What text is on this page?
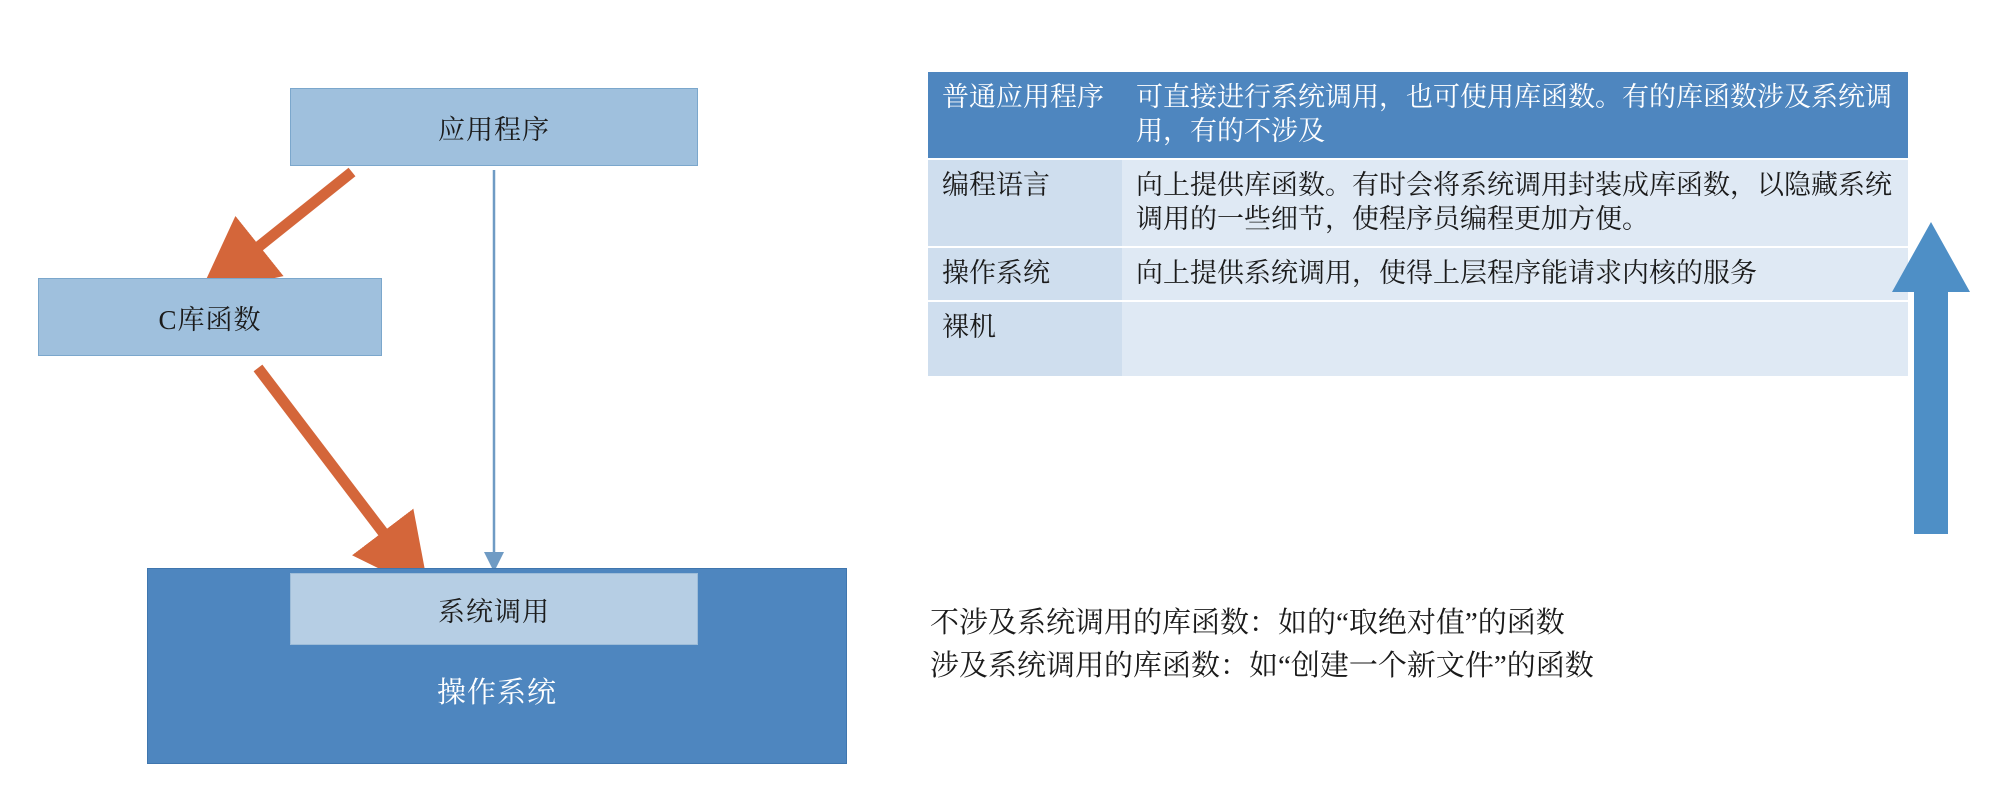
应用程序
C库函数
操作系统
系统调用
普通应用程序	可直接进行系统调用，也可使用库函数。有的库函数涉及系统调用，有的不涉及
编程语言	向上提供库函数。有时会将系统调用封装成库函数，以隐藏系统调用的一些细节，使程序员编程更加方便。
操作系统	向上提供系统调用，使得上层程序能请求内核的服务
裸机	
不涉及系统调用的库函数：如的“取绝对值”的函数
涉及系统调用的库函数：如“创建一个新文件”的函数
